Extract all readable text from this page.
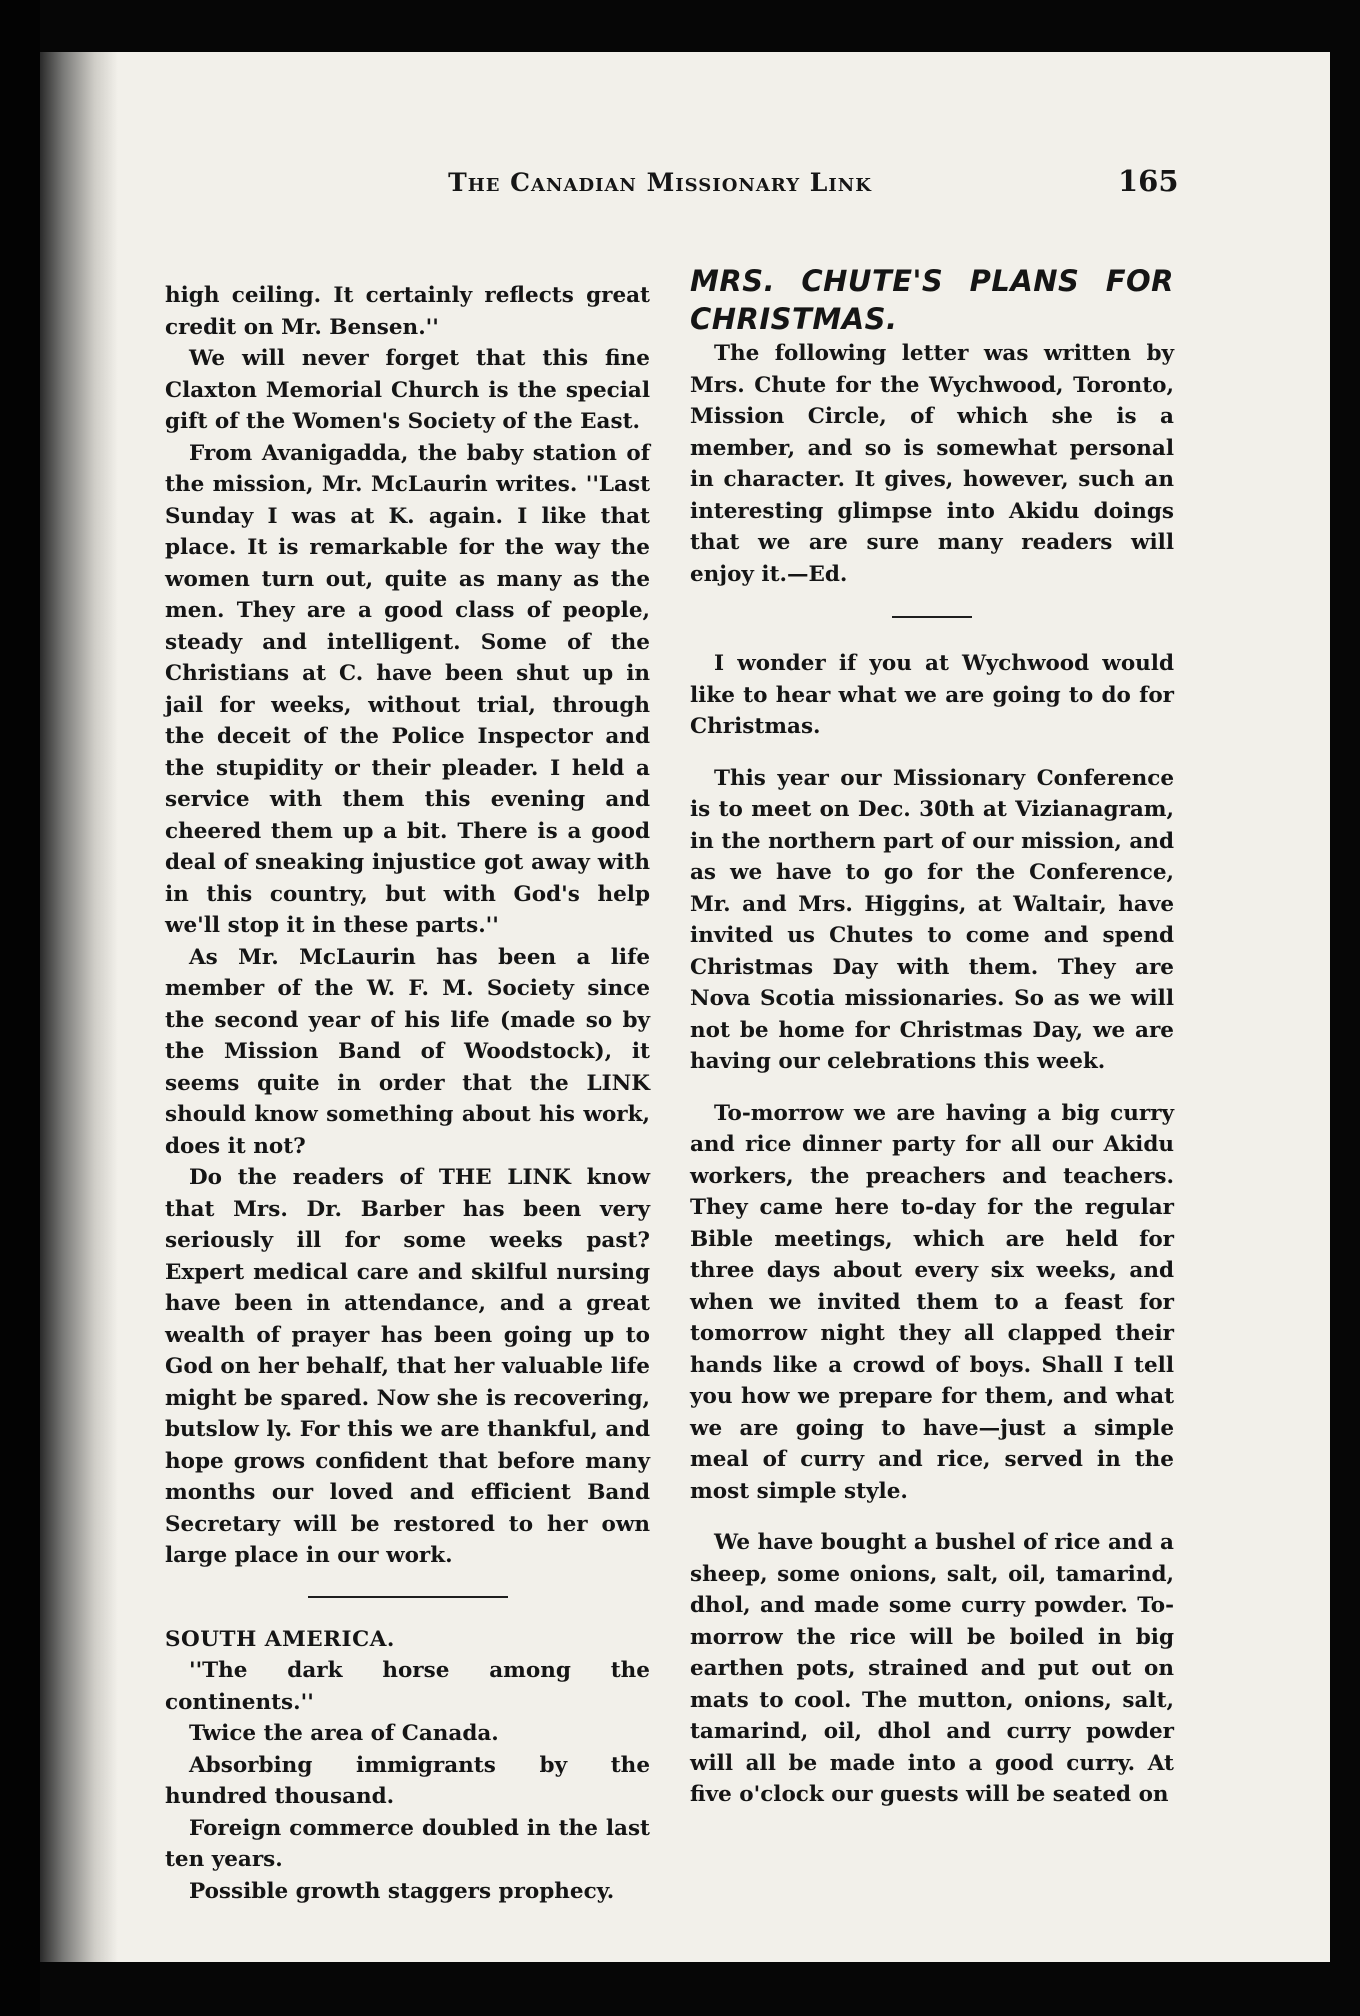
The Canadian Missionary Link	165

high ceiling. It certainly reflects great credit on Mr. Bensen.''

We will never forget that this fine Claxton Memorial Church is the special gift of the Women's Society of the East.

From Avanigadda, the baby station of the mission, Mr. McLaurin writes. ''Last Sunday I was at K. again. I like that place. It is remarkable for the way the women turn out, quite as many as the men. They are a good class of people, steady and intelligent. Some of the Christians at C. have been shut up in jail for weeks, without trial, through the deceit of the Police Inspector and the stupidity or their pleader. I held a service with them this evening and cheered them up a bit. There is a good deal of sneaking injustice got away with in this country, but with God's help we'll stop it in these parts.''

As Mr. McLaurin has been a life member of the W. F. M. Society since the second year of his life (made so by the Mission Band of Woodstock), it seems quite in order that the LINK should know something about his work, does it not?

Do the readers of THE LINK know that Mrs. Dr. Barber has been very seriously ill for some weeks past? Expert medical care and skilful nursing have been in attendance, and a great wealth of prayer has been going up to God on her behalf, that her valuable life might be spared. Now she is recovering, butslow ly. For this we are thankful, and hope grows confident that before many months our loved and efficient Band Secretary will be restored to her own large place in our work.

SOUTH AMERICA.

''The dark horse among the continents.''

Twice the area of Canada.

Absorbing immigrants by the hundred thousand.

Foreign commerce doubled in the last ten years.

Possible growth staggers prophecy.

MRS. CHUTE'S PLANS FOR CHRISTMAS.

The following letter was written by Mrs. Chute for the Wychwood, Toronto, Mission Circle, of which she is a member, and so is somewhat personal in character. It gives, however, such an interesting glimpse into Akidu doings that we are sure many readers will enjoy it.—Ed.

I wonder if you at Wychwood would like to hear what we are going to do for Christmas.

This year our Missionary Conference is to meet on Dec. 30th at Vizianagram, in the northern part of our mission, and as we have to go for the Conference, Mr. and Mrs. Higgins, at Waltair, have invited us Chutes to come and spend Christmas Day with them. They are Nova Scotia missionaries. So as we will not be home for Christmas Day, we are having our celebrations this week.

To-morrow we are having a big curry and rice dinner party for all our Akidu workers, the preachers and teachers. They came here to-day for the regular Bible meetings, which are held for three days about every six weeks, and when we invited them to a feast for tomorrow night they all clapped their hands like a crowd of boys. Shall I tell you how we prepare for them, and what we are going to have—just a simple meal of curry and rice, served in the most simple style.

We have bought a bushel of rice and a sheep, some onions, salt, oil, tamarind, dhol, and made some curry powder. To-morrow the rice will be boiled in big earthen pots, strained and put out on mats to cool. The mutton, onions, salt, tamarind, oil, dhol and curry powder will all be made into a good curry. At five o'clock our guests will be seated on
